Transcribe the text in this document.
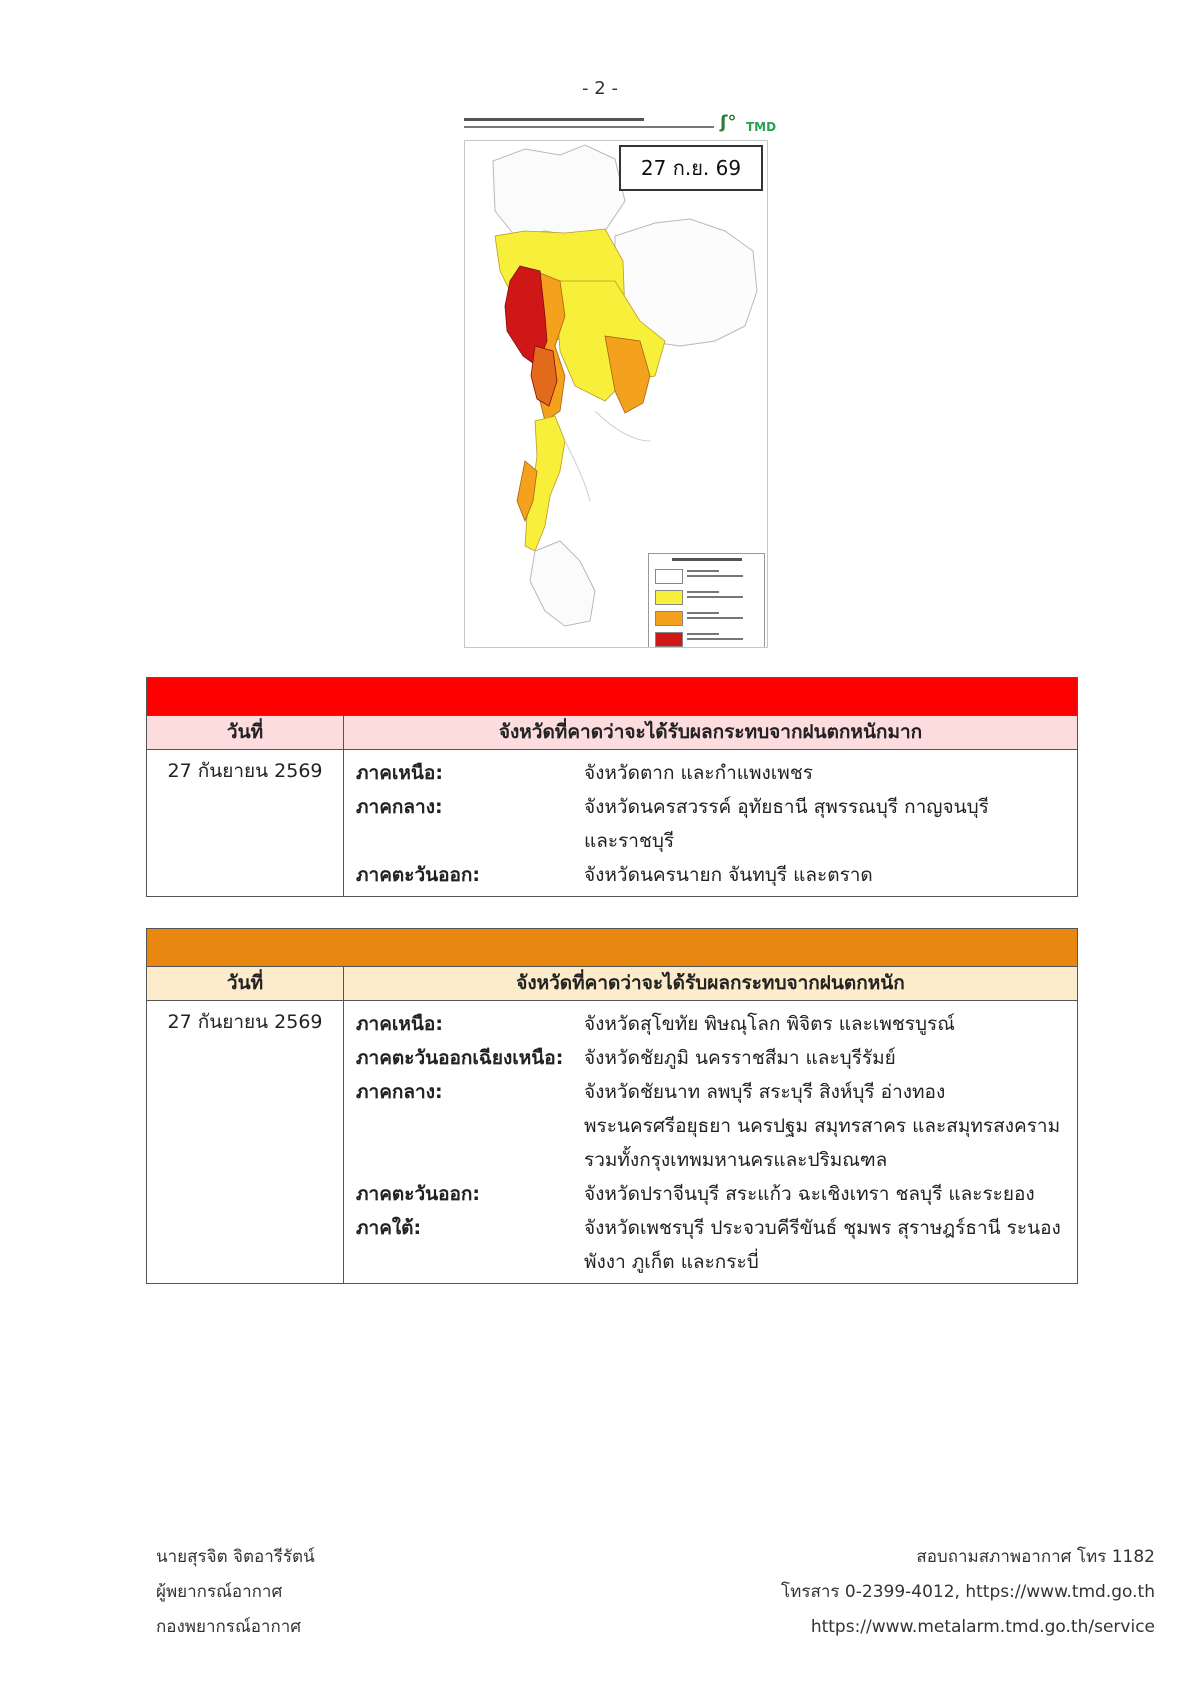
- 2 -
ʃ° TMD
27 ก.ย. 69
วันที่	จังหวัดที่คาดว่าจะได้รับผลกระทบจากฝนตกหนักมาก
27 กันยายน 2569	ภาคเหนือ:	จังหวัดตาก และกำแพงเพชร
ภาคกลาง:	จังหวัดนครสวรรค์ อุทัยธานี สุพรรณบุรี กาญจนบุรี
และราชบุรี
ภาคตะวันออก:	จังหวัดนครนายก จันทบุรี และตราด
วันที่	จังหวัดที่คาดว่าจะได้รับผลกระทบจากฝนตกหนัก
27 กันยายน 2569	ภาคเหนือ:	จังหวัดสุโขทัย พิษณุโลก พิจิตร และเพชรบูรณ์
ภาคตะวันออกเฉียงเหนือ:	จังหวัดชัยภูมิ นครราชสีมา และบุรีรัมย์
ภาคกลาง:	จังหวัดชัยนาท ลพบุรี สระบุรี สิงห์บุรี อ่างทอง
พระนครศรีอยุธยา นครปฐม สมุทรสาคร และสมุทรสงคราม
รวมทั้งกรุงเทพมหานครและปริมณฑล
ภาคตะวันออก:	จังหวัดปราจีนบุรี สระแก้ว ฉะเชิงเทรา ชลบุรี และระยอง
ภาคใต้:	จังหวัดเพชรบุรี ประจวบคีรีขันธ์ ชุมพร สุราษฎร์ธานี ระนอง
พังงา ภูเก็ต และกระบี่
นายสุรจิต จิตอารีรัตน์
ผู้พยากรณ์อากาศ
กองพยากรณ์อากาศ
สอบถามสภาพอากาศ โทร 1182
โทรสาร 0-2399-4012, https://www.tmd.go.th
https://www.metalarm.tmd.go.th/service
